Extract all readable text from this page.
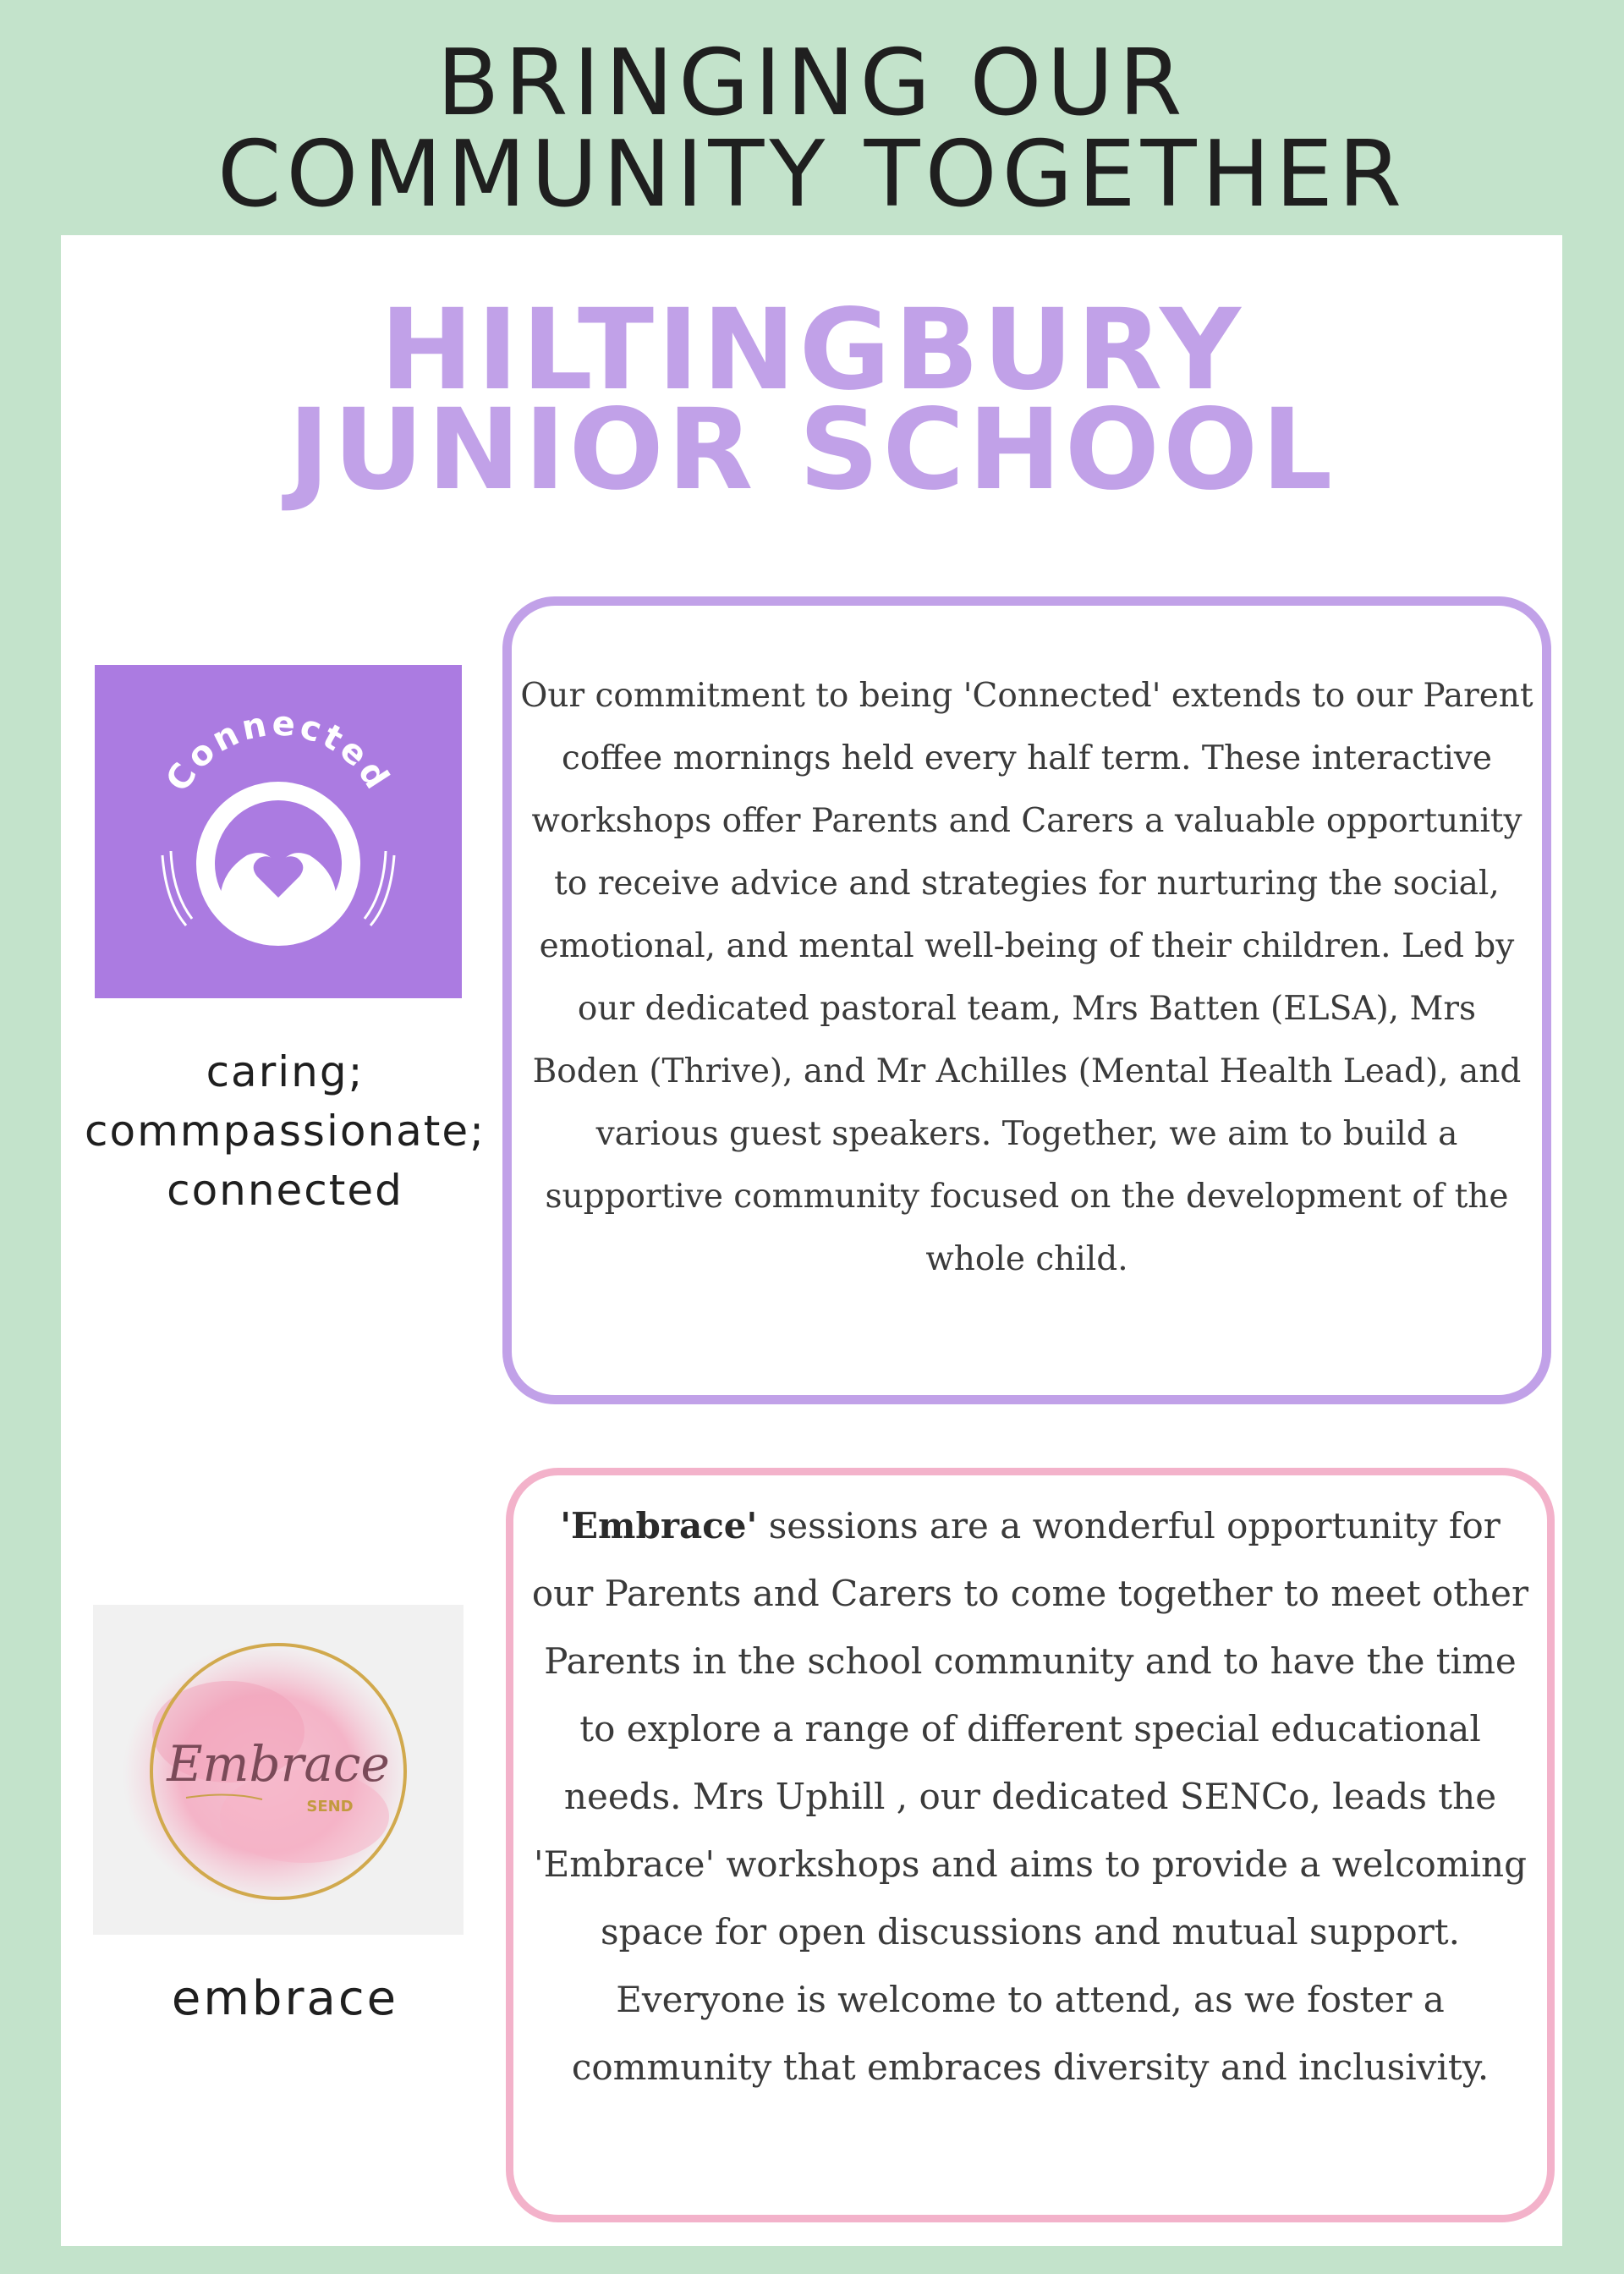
BRINGING OUR
COMMUNITY TOGETHER
HILTINGBURY
JUNIOR SCHOOL
Connected
caring;
commpassionate;
connected

Our commitment to being 'Connected' extends to our Parent coffee mornings held every half term. These interactive workshops offer Parents and Carers a valuable opportunity to receive advice and strategies for nurturing the social, emotional, and mental well-being of their children. Led by our dedicated pastoral team, Mrs Batten (ELSA), Mrs Boden (Thrive), and Mr Achilles (Mental Health Lead), and various guest speakers. Together, we aim to build a supportive community focused on the development of the whole child.

Embrace
SEND
embrace

'Embrace' sessions are a wonderful opportunity for our Parents and Carers to come together to meet other Parents in the school community and to have the time to explore a range of different special educational needs. Mrs Uphill , our dedicated SENCo, leads the 'Embrace' workshops and aims to provide a welcoming space for open discussions and mutual support. Everyone is welcome to attend, as we foster a community that embraces diversity and inclusivity.
